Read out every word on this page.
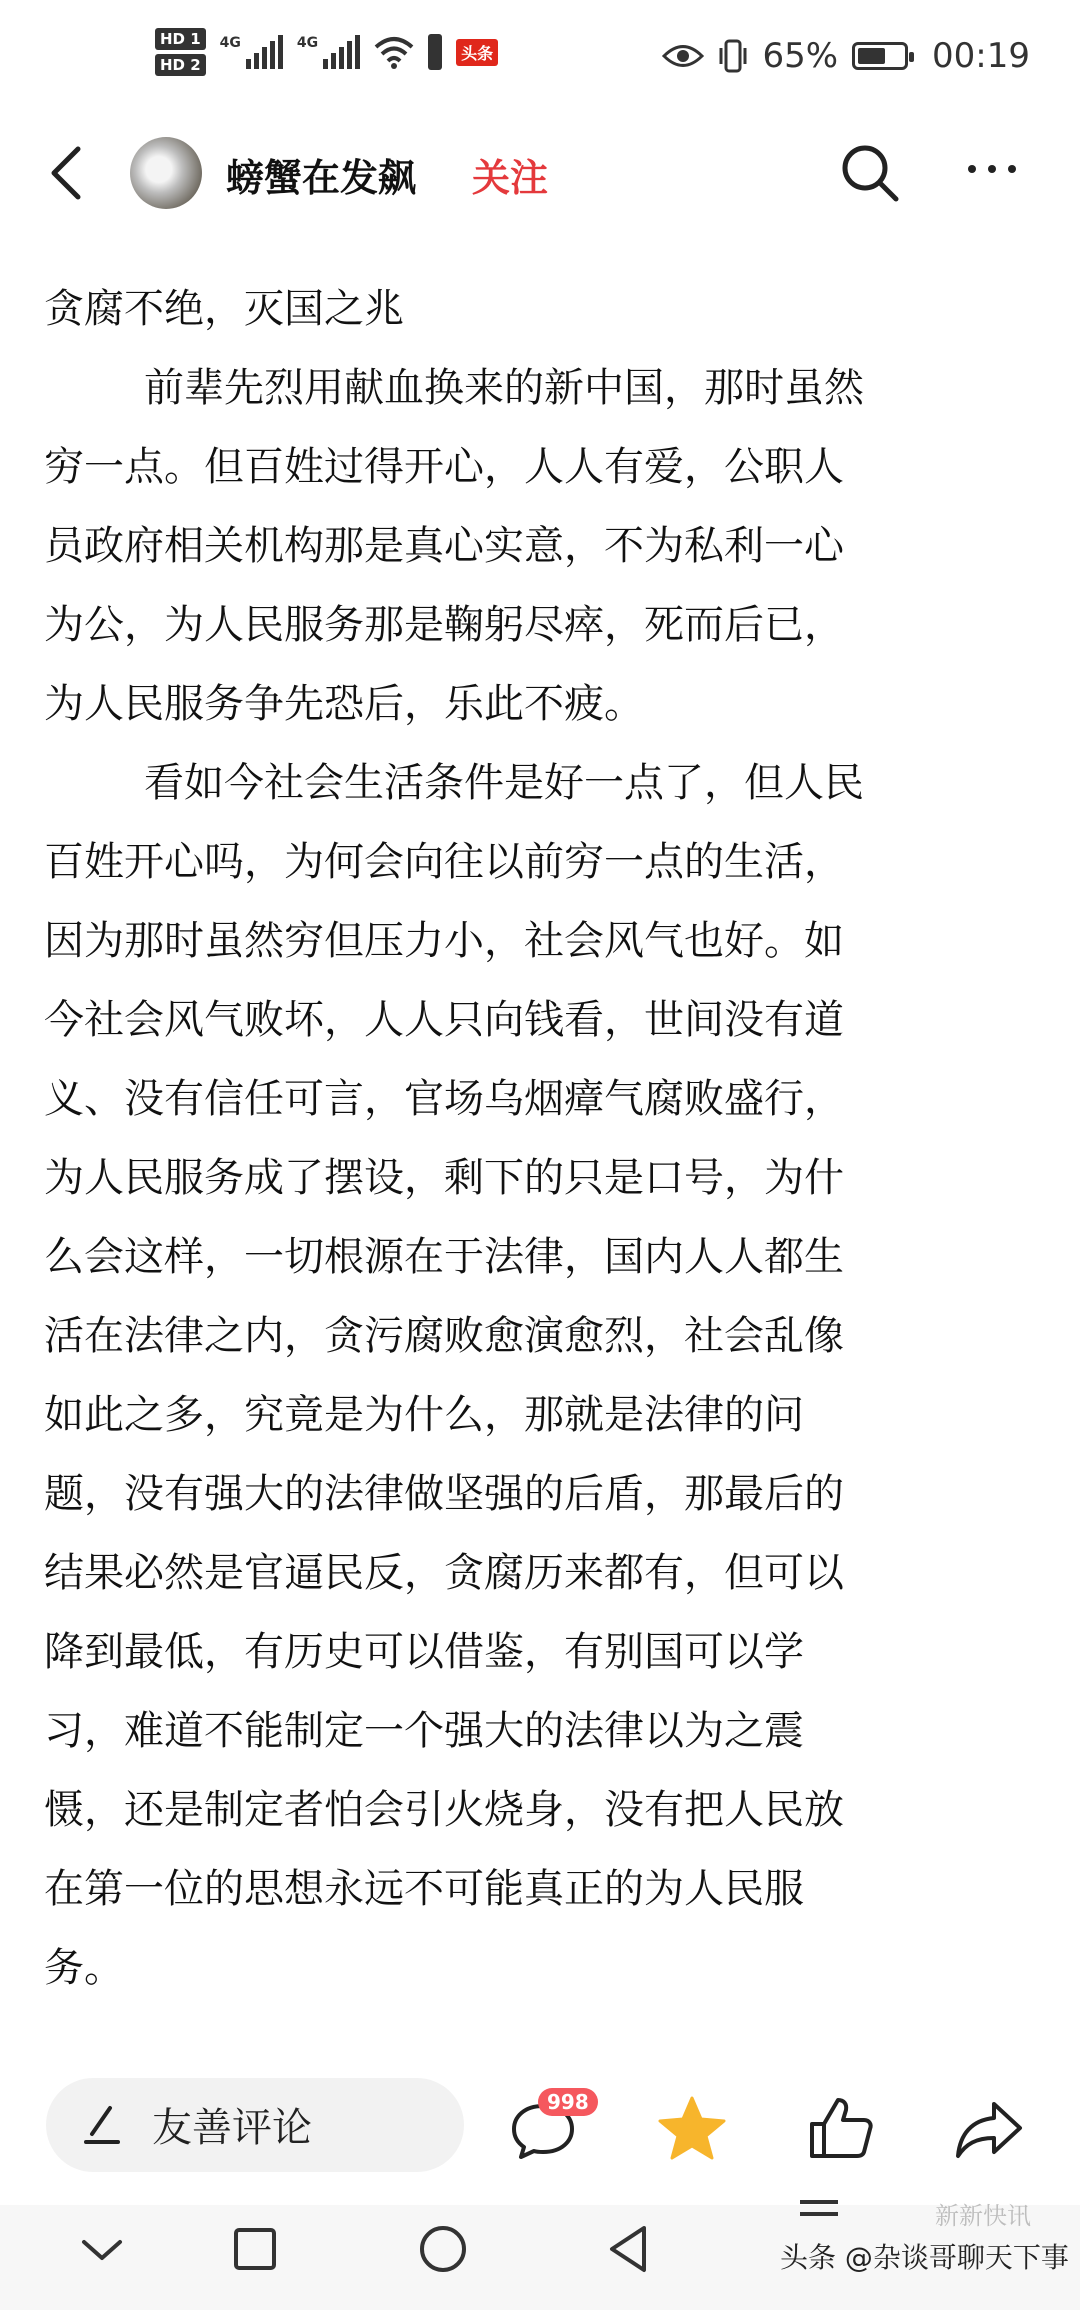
HD 1
HD 2
4G	4G
头条	65%	00:19
螃蟹在发飙 关注
贪腐不绝，灭国之兆
前辈先烈用献血换来的新中国，那时虽然
穷一点。但百姓过得开心，人人有爱，公职人
员政府相关机构那是真心实意，不为私利一心
为公，为人民服务那是鞠躬尽瘁，死而后已，
为人民服务争先恐后，乐此不疲。
看如今社会生活条件是好一点了，但人民
百姓开心吗，为何会向往以前穷一点的生活，
因为那时虽然穷但压力小，社会风气也好。如
今社会风气败坏，人人只向钱看，世间没有道
义、没有信任可言，官场乌烟瘴气腐败盛行，
为人民服务成了摆设，剩下的只是口号，为什
么会这样，一切根源在于法律，国内人人都生
活在法律之内，贪污腐败愈演愈烈，社会乱像
如此之多，究竟是为什么，那就是法律的问
题，没有强大的法律做坚强的后盾，那最后的
结果必然是官逼民反，贪腐历来都有，但可以
降到最低，有历史可以借鉴，有别国可以学
习，难道不能制定一个强大的法律以为之震
慑，还是制定者怕会引火烧身，没有把人民放
在第一位的思想永远不可能真正的为人民服
务。
友善评论
998
新新快讯
头条 @杂谈哥聊天下事
